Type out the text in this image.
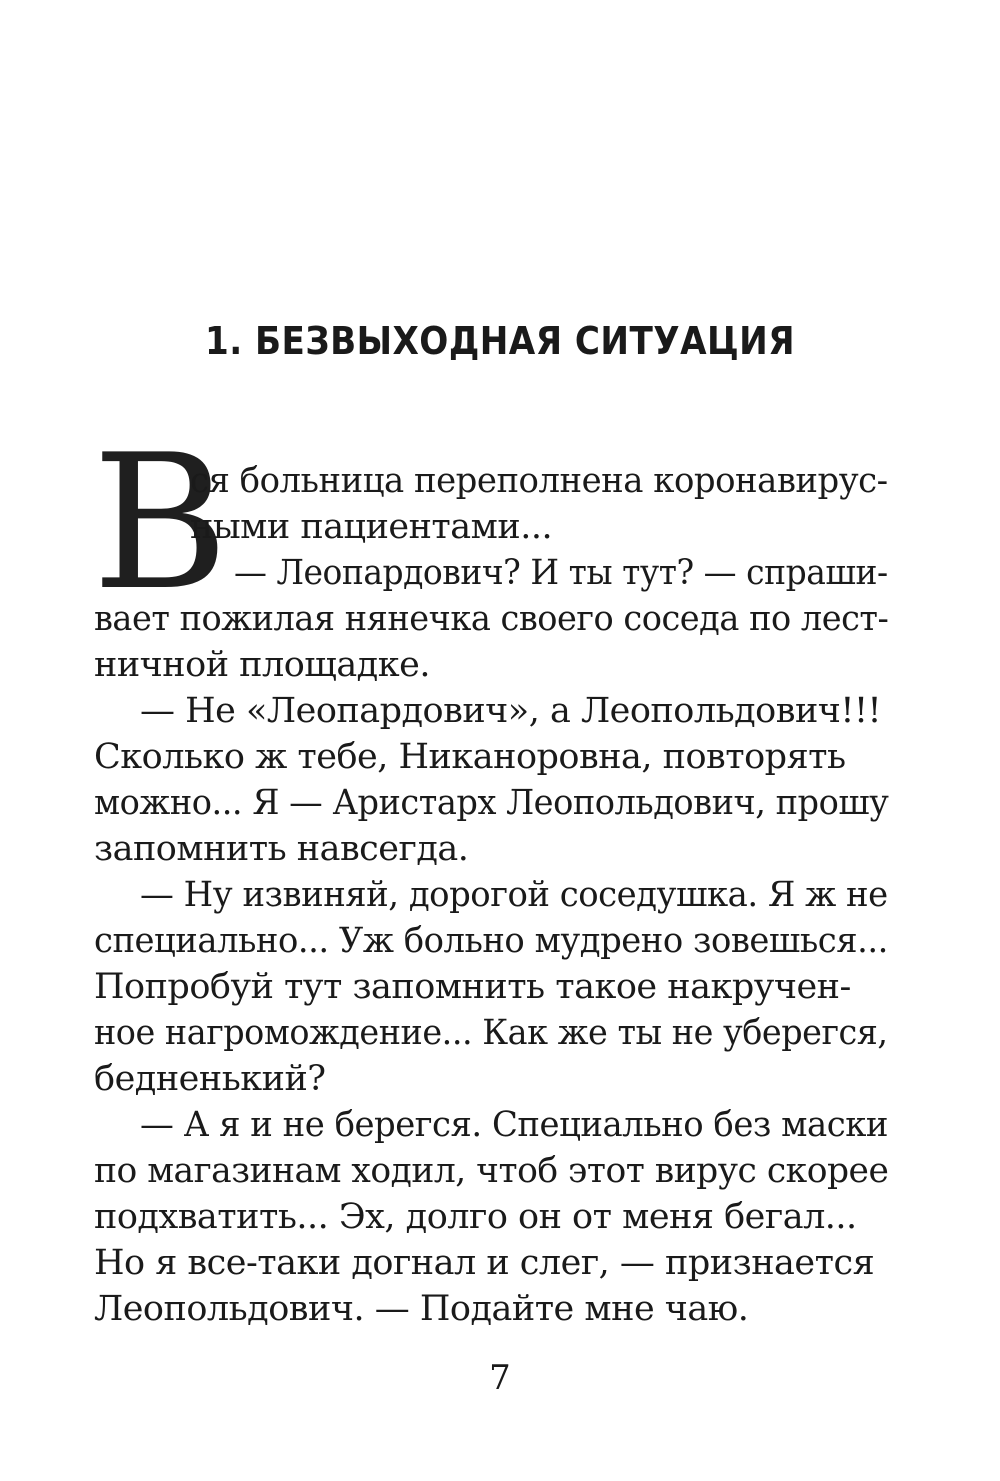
1. БЕЗВЫХОДНАЯ СИТУАЦИЯ
В
ся больница переполнена коронавирус-
ными пациентами...
— Леопардович? И ты тут? — спраши-
вает пожилая нянечка своего соседа по лест-
ничной площадке.
— Не «Леопардович», а Леопольдович!!!
Сколько ж тебе, Никаноровна, повторять
можно... Я — Аристарх Леопольдович, прошу
запомнить навсегда.
— Ну извиняй, дорогой соседушка. Я ж не
специально... Уж больно мудрено зовешься...
Попробуй тут запомнить такое накручен-
ное нагромождение... Как же ты не уберегся,
бедненький?
— А я и не берегся. Специально без маски
по магазинам ходил, чтоб этот вирус скорее
подхватить... Эх, долго он от меня бегал...
Но я все-таки догнал и слег, — признается
Леопольдович. — Подайте мне чаю.
7
